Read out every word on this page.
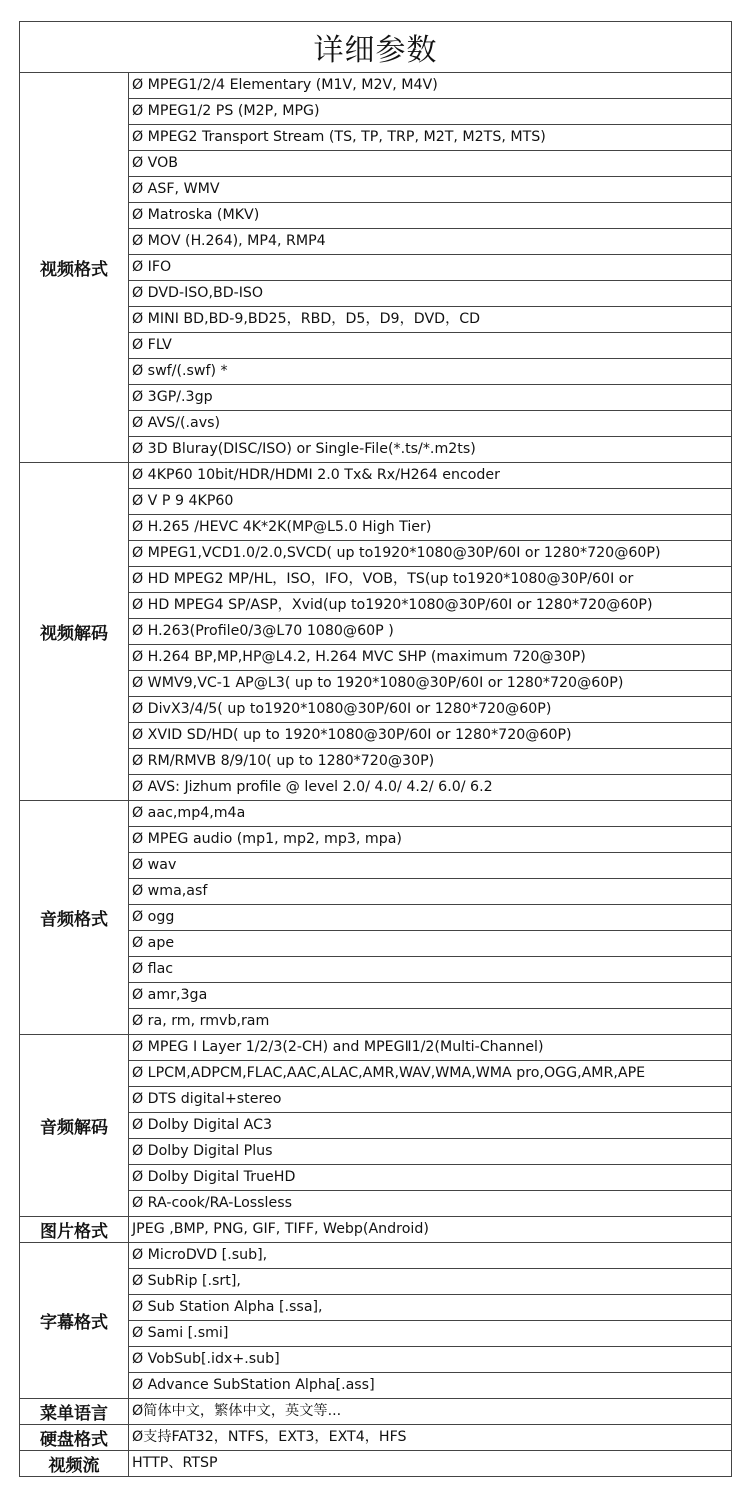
详细参数	
视频格式	Ø MPEG1/2/4 Elementary (M1V, M2V, M4V)
	Ø MPEG1/2 PS (M2P, MPG)
	Ø MPEG2 Transport Stream (TS, TP, TRP, M2T, M2TS, MTS)
	Ø VOB
	Ø ASF, WMV
	Ø Matroska (MKV)
	Ø MOV (H.264), MP4, RMP4
	Ø IFO
	Ø DVD-ISO,BD-ISO
	Ø MINI BD,BD-9,BD25，RBD，D5，D9，DVD，CD
	Ø FLV
	Ø swf/(.swf) *
	Ø 3GP/.3gp
	Ø AVS/(.avs)
	Ø 3D Bluray(DISC/ISO) or Single-File(*.ts/*.m2ts)
视频解码	Ø 4KP60 10bit/HDR/HDMI 2.0 Tx& Rx/H264 encoder
	Ø V P 9 4KP60
	Ø H.265 /HEVC 4K*2K(MP@L5.0 High Tier)
	Ø MPEG1,VCD1.0/2.0,SVCD( up to1920*1080@30P/60I or 1280*720@60P)
	Ø HD MPEG2 MP/HL，ISO，IFO，VOB，TS(up to1920*1080@30P/60I or
	Ø HD MPEG4 SP/ASP，Xvid(up to1920*1080@30P/60I or 1280*720@60P)
	Ø H.263(Profile0/3@L70 1080@60P )
	Ø H.264 BP,MP,HP@L4.2, H.264 MVC SHP (maximum 720@30P)
	Ø WMV9,VC-1 AP@L3( up to 1920*1080@30P/60I or 1280*720@60P)
	Ø DivX3/4/5( up to1920*1080@30P/60I or 1280*720@60P)
	Ø XVID SD/HD( up to 1920*1080@30P/60I or 1280*720@60P)
	Ø RM/RMVB 8/9/10( up to 1280*720@30P)
	Ø AVS: Jizhum profile @ level 2.0/ 4.0/ 4.2/ 6.0/ 6.2
音频格式	Ø aac,mp4,m4a
	Ø MPEG audio (mp1, mp2, mp3, mpa)
	Ø wav
	Ø wma,asf
	Ø ogg
	Ø ape
	Ø flac
	Ø amr,3ga
	Ø ra, rm, rmvb,ram
音频解码	Ø MPEG I Layer 1/2/3(2-CH) and MPEGⅡ1/2(Multi-Channel)
	Ø LPCM,ADPCM,FLAC,AAC,ALAC,AMR,WAV,WMA,WMA pro,OGG,AMR,APE
	Ø DTS digital+stereo
	Ø Dolby Digital AC3
	Ø Dolby Digital Plus
	Ø Dolby Digital TrueHD
	Ø RA-cook/RA-Lossless
图片格式	JPEG ,BMP, PNG, GIF, TIFF, Webp(Android)
字幕格式	Ø MicroDVD [.sub],
	Ø SubRip [.srt],
	Ø Sub Station Alpha [.ssa],
	Ø Sami [.smi]
	Ø VobSub[.idx+.sub]
	Ø Advance SubStation Alpha[.ass]
菜单语言	Ø简体中文，繁体中文，英文等...
硬盘格式	Ø支持FAT32，NTFS，EXT3，EXT4，HFS
视频流	HTTP、RTSP
